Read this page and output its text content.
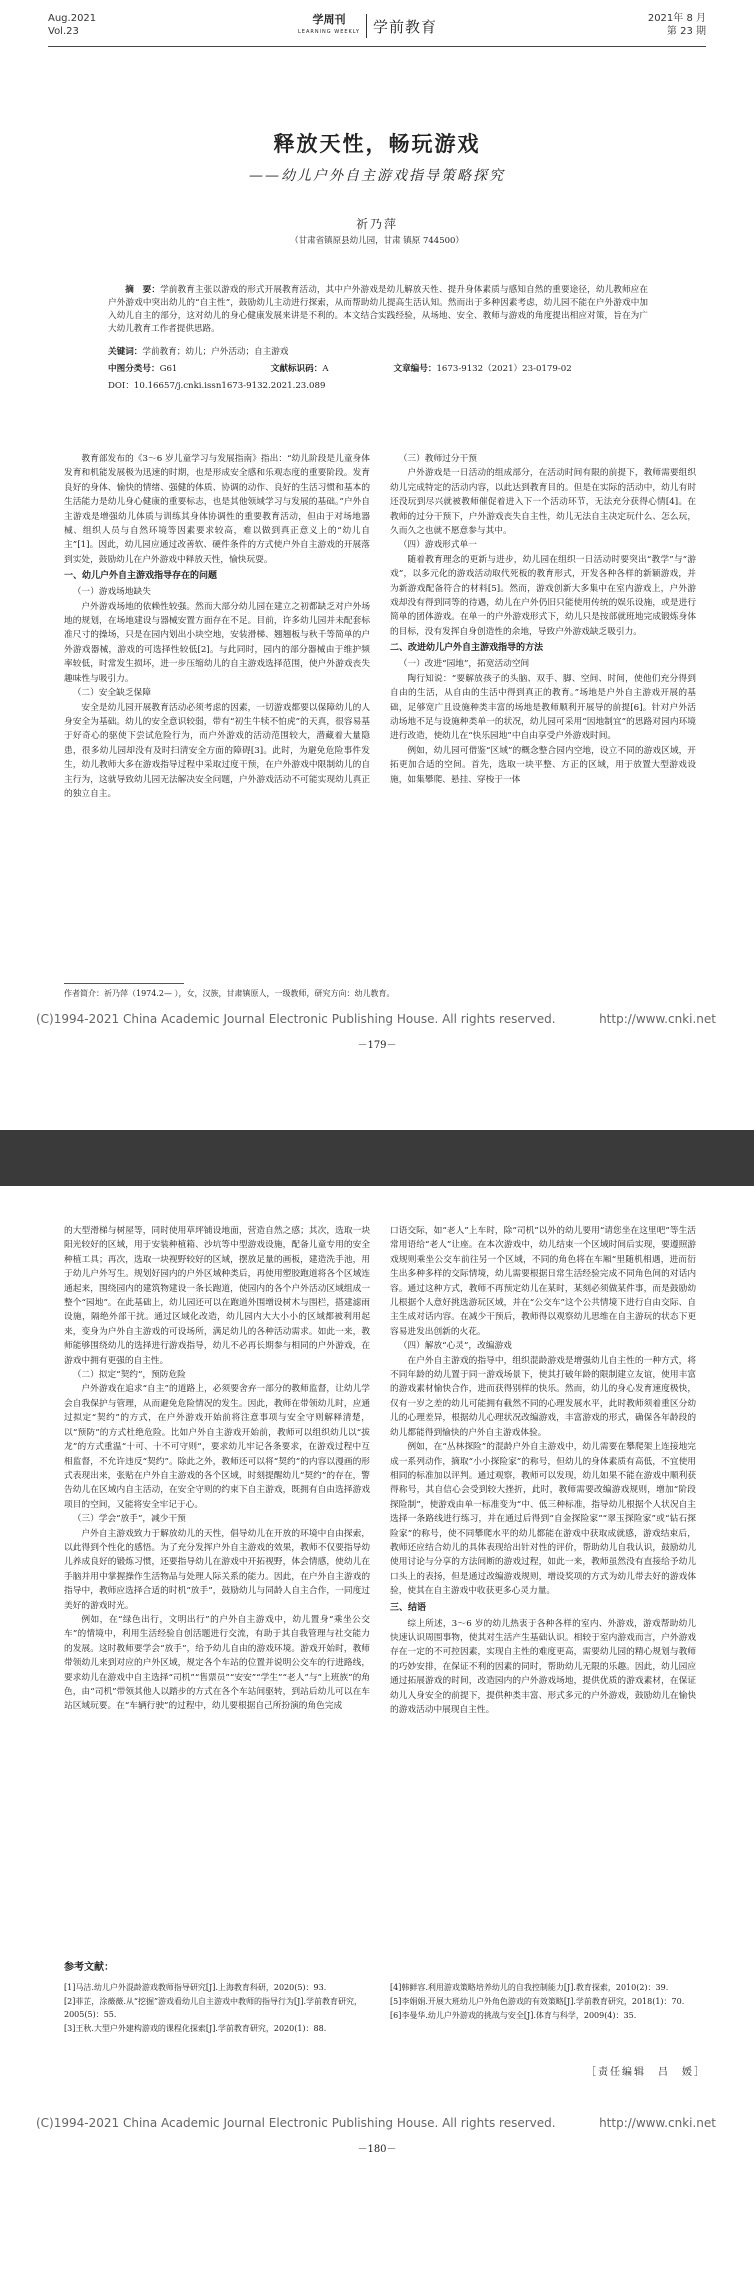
Aug.2021
Vol.23
学周刊
LEARNING WEEKLY 学前教育	2021年 8 月
第 23 期
释放天性，畅玩游戏
——幼儿户外自主游戏指导策略探究
祈乃萍
（甘肃省镇原县幼儿园，甘肃 镇原 744500）
摘　要：学前教育主张以游戏的形式开展教育活动，其中户外游戏是幼儿解放天性、提升身体素质与感知自然的重要途径，幼儿教师应在户外游戏中突出幼儿的“自主性”，鼓励幼儿主动进行探索，从而帮助幼儿提高生活认知。然而出于多种因素考虑，幼儿园不能在户外游戏中加入幼儿自主的部分，这对幼儿的身心健康发展来讲是不利的。本文结合实践经验，从场地、安全、教师与游戏的角度提出相应对策，旨在为广大幼儿教育工作者提供思路。
关键词：学前教育；幼儿；户外活动；自主游戏
中图分类号：G61	文献标识码：A	文章编号：1673-9132（2021）23-0179-02
DOI：10.16657/j.cnki.issn1673-9132.2021.23.089

教育部发布的《3～6 岁儿童学习与发展指南》指出：“幼儿阶段是儿童身体发育和机能发展极为迅速的时期，也是形成安全感和乐观态度的重要阶段。发育良好的身体、愉快的情绪、强健的体质、协调的动作、良好的生活习惯和基本的生活能力是幼儿身心健康的重要标志，也是其他领域学习与发展的基础。”户外自主游戏是增强幼儿体质与训练其身体协调性的重要教育活动，但由于对场地器械、组织人员与自然环境等因素要求较高，难以做到真正意义上的“幼儿自主”[1]。因此，幼儿园应通过改善软、硬件条件的方式使户外自主游戏的开展落到实处，鼓励幼儿在户外游戏中释放天性，愉快玩耍。

一、幼儿户外自主游戏指导存在的问题
（一）游戏场地缺失

户外游戏场地的依赖性较强。然而大部分幼儿园在建立之初都缺乏对户外场地的规划，在场地建设与器械安置方面存在不足。目前，许多幼儿园并未配套标准尺寸的操场，只是在园内划出小块空地，安装滑梯、翘翘板与秋千等简单的户外游戏器械，游戏的可选择性较低[2]。与此同时，园内的部分器械由于维护频率较低，时常发生损坏，进一步压缩幼儿的自主游戏选择范围，使户外游戏丧失趣味性与吸引力。

（二）安全缺乏保障

安全是幼儿园开展教育活动必须考虑的因素，一切游戏都要以保障幼儿的人身安全为基础。幼儿的安全意识较弱，带有“初生牛犊不怕虎”的天真，很容易基于好奇心的驱使下尝试危险行为，而户外游戏的活动范围较大，潜藏着大量隐患，很多幼儿园却没有及时扫清安全方面的障碍[3]。此时，为避免危险事件发生，幼儿教师大多在游戏指导过程中采取过度干预，在户外游戏中限制幼儿的自主行为，这就导致幼儿园无法解决安全问题，户外游戏活动不可能实现幼儿真正的独立自主。

（三）教师过分干预

户外游戏是一日活动的组成部分，在活动时间有限的前提下，教师需要组织幼儿完成特定的活动内容，以此达到教育目的。但是在实际的活动中，幼儿有时还没玩到尽兴就被教师催促着进入下一个活动环节，无法充分获得心情[4]。在教师的过分干预下，户外游戏丧失自主性，幼儿无法自主决定玩什么、怎么玩，久而久之也就不愿意参与其中。

（四）游戏形式单一

随着教育理念的更新与进步，幼儿园在组织一日活动时要突出“教学”与“游戏”，以多元化的游戏活动取代死板的教育形式，开发各种各样的新颖游戏，并为新游戏配备符合的材料[5]。然而，游戏创新大多集中在室内游戏上，户外游戏却没有得到同等的待遇，幼儿在户外仍旧只能使用传统的娱乐设施，或是进行简单的团体游戏。在单一的户外游戏形式下，幼儿只是按部就班地完成锻炼身体的目标，没有发挥自身创造性的余地，导致户外游戏缺乏吸引力。

二、改进幼儿户外自主游戏指导的方法
（一）改进“园地”，拓宽活动空间

陶行知说：“要解放孩子的头脑、双手、脚、空间、时间，使他们充分得到自由的生活，从自由的生活中得到真正的教育。”场地是户外自主游戏开展的基础，足够宽广且设施种类丰富的场地是教师顺利开展导的前提[6]。针对户外活动场地不足与设施种类单一的状况，幼儿园可采用“因地制宜”的思路对园内环境进行改造，使幼儿在“快乐园地”中自由享受户外游戏时间。

例如，幼儿园可借鉴“区域”的概念整合园内空地，设立不同的游戏区域，开拓更加合适的空间。首先，选取一块平整、方正的区域，用于放置大型游戏设施，如集攀爬、悬挂、穿梭于一体

作者简介：祈乃萍（1974.2— ），女，汉族，甘肃镇原人，一级教师，研究方向：幼儿教育。
(C)1994-2021 China Academic Journal Electronic Publishing House. All rights reserved.	http://www.cnki.net
－179－

的大型滑梯与树屋等，同时使用草坪铺设地面，营造自然之感；其次，选取一块阳光较好的区域，用于安装种植箱、沙坑等中型游戏设施，配备儿童专用的安全种植工具；再次，选取一块视野较好的区域，摆放足量的画板，建造洗手池，用于幼儿户外写生。规划好园内的户外区域种类后，再使用塑胶跑道将各个区域连通起来，围绕园内的建筑物建设一条长跑道，使园内的各个户外活动区域组成一整个“园地”。在此基础上，幼儿园还可以在跑道外围增设树木与围栏，搭建滤雨设施，隔绝外部干扰。通过区域化改造，幼儿园内大大小小的区域都被利用起来，变身为户外自主游戏的可设场所，满足幼儿的各种活动需求。如此一来，教师能够围绕幼儿的选择进行游戏指导，幼儿不必再长期参与相同的户外游戏，在游戏中拥有更强的自主性。

（二）拟定“契约”，预防危险

户外游戏在追求“自主”的道路上，必须要舍弃一部分的教师监督，让幼儿学会自我保护与管理，从而避免危险情况的发生。因此，教师在带领幼儿时，应通过拟定“契约”的方式，在户外游戏开始前将注意事项与安全守则解释清楚，以“预防”的方式杜绝危险。比如户外自主游戏开始前，教师可以组织幼儿以“拔龙”的方式重温“十可、十不可守则”，要求幼儿牢记各条要求，在游戏过程中互相监督，不允许违反“契约”。除此之外，教师还可以将“契约”的内容以漫画的形式表现出来，张贴在户外自主游戏的各个区域，时刻提醒幼儿“契约”的存在，警告幼儿在区域内自主活动，在安全守则的约束下自主游戏，既拥有自由选择游戏项目的空间，又能将安全牢记于心。

（三）学会“放手”，减少干预

户外自主游戏致力于解放幼儿的天性，倡导幼儿在开放的环境中自由探索，以此得到个性化的感悟。为了充分发挥户外自主游戏的效果，教师不仅要指导幼儿养成良好的锻炼习惯，还要指导幼儿在游戏中开拓视野，体会情感，使幼儿在手脑并用中掌握操作生活物品与处理人际关系的能力。因此，在户外自主游戏的指导中，教师应选择合适的时机“放手”，鼓励幼儿与同龄人自主合作，一同度过美好的游戏时光。

例如，在“绿色出行，文明出行”的户外自主游戏中，幼儿置身“乘坐公交车”的情境中，利用生活经验自创活题进行交流，有助于其自我管理与社交能力的发展。这时教师要学会“放手”，给予幼儿自由的游戏环境。游戏开始时，教师带领幼儿来到对应的户外区域，规定各个车站的位置并说明公交车的行进路线，要求幼儿在游戏中自主选择“司机”“售票员”“安安”“学生”“老人”与“上班族”的角色，由“司机”带领其他人以踏步的方式在各个车站间驱转，到站后幼儿可以在车站区域玩要。在“车辆行驶”的过程中，幼儿要根据自己所扮演的角色完成

口语交际，如“老人”上车时，除“司机”以外的幼儿要用“请您坐在这里吧”等生活常用语给“老人”让座。在本次游戏中，幼儿结束一个区域时间后实现，要遵照游戏规则乘坐公交车前往另一个区域，不同的角色将在车厢“里随机相遇，进而衍生出多种多样的交际情境，幼儿需要根据日常生活经验完成不同角色间的对话内容。通过这种方式，教师不再预定幼儿在某时，某刻必须做某件事，而是鼓励幼儿根据个人意好挑选游玩区域，并在“公交车”这个公共情境下进行自由交际、自主生成对话内容。在减少干预后，教师得以观察幼儿思维在自主游玩的状态下更容易进发出创新的火花。

（四）解放“心灵”，改编游戏

在户外自主游戏的指导中，组织混龄游戏是增强幼儿自主性的一种方式，将不同年龄的幼儿置于同一游戏场景下，使其打破年龄的限制建立友谊，使用丰富的游戏素材愉快合作，进而获得别样的快乐。然而，幼儿的身心发育速度极快，仅有一岁之差的幼儿可能拥有截然不同的心理发展水平，此时教师须着重区分幼儿的心理差异，根据幼儿心理状况改编游戏，丰富游戏的形式，确保各年龄段的幼儿都能得到愉快的户外自主游戏体验。

例如，在“丛林探险”的混龄户外自主游戏中，幼儿需要在攀爬架上连接地完成一系列动作，摘取“小小探险家”的称号，但幼儿的身体素质有高低，不宜使用相同的标准加以评判。通过观察，教师可以发现，幼儿如果不能在游戏中顺利获得称号，其自信心会受到较大挫折，此时，教师需要改编游戏规则，增加“阶段探险制”，使游戏由单一标准变为“中、低三种标准，指导幼儿根据个人状况自主选择一条路线进行练习，并在通过后得到“自金探险家”“翠玉探险家”或“钻石探险家”的称号，使不同攀爬水平的幼儿都能在游戏中获取成就感，游戏结束后，教师还应结合幼儿的具体表现给出针对性的评价，帮助幼儿自我认识，鼓励幼儿使用讨论与分享的方法间断的游戏过程，如此一来，教师虽然没有直接给予幼儿口头上的表扬，但是通过改编游戏规则，增设奖项的方式为幼儿带去好的游戏体验，使其在自主游戏中收获更多心灵力量。

三、结语

综上所述，3～6 岁的幼儿热衷于各种各样的室内、外游戏，游戏帮助幼儿快速认识周围事物，使其对生活产生基础认识。相较于室内游戏而言，户外游戏存在一定的不可控因素，实现自主性的难度更高，需要幼儿园的精心规划与教师的巧妙安排，在保证不利的因素的同时，帮助幼儿无限的乐趣。因此，幼儿园应通过拓展游戏的时间，改造园内的户外游戏场地，提供优质的游戏素材，在保证幼儿人身安全的前提下，提供种类丰富、形式多元的户外游戏，鼓励幼儿在愉快的游戏活动中展现自主性。

参考文献：
[1]马洁.幼儿户外混龄游戏教师指导研究[J].上海教育科研，2020(5)：93.
[2]菲芷，涂薇薇.从“挖掘”游戏看幼儿自主游戏中教师的指导行为[J].学前教育研究，2005(5)：55.
[3]王秋.大型户外建构游戏的课程化探索[J].学前教育研究，2020(1)：88.
[4]韩鲜容.利用游戏策略培养幼儿的自我控制能力[J].教育探索，2010(2)：39.
[5]李娟娟.开展大班幼儿户外角色游戏的有效策略[J].学前教育研究，2018(1)：70.
[6]李曼华.幼儿户外游戏的挑战与安全[J].体育与科学，2009(4)：35.
［责任编辑　吕　媛］
(C)1994-2021 China Academic Journal Electronic Publishing House. All rights reserved.	http://www.cnki.net
－180－
